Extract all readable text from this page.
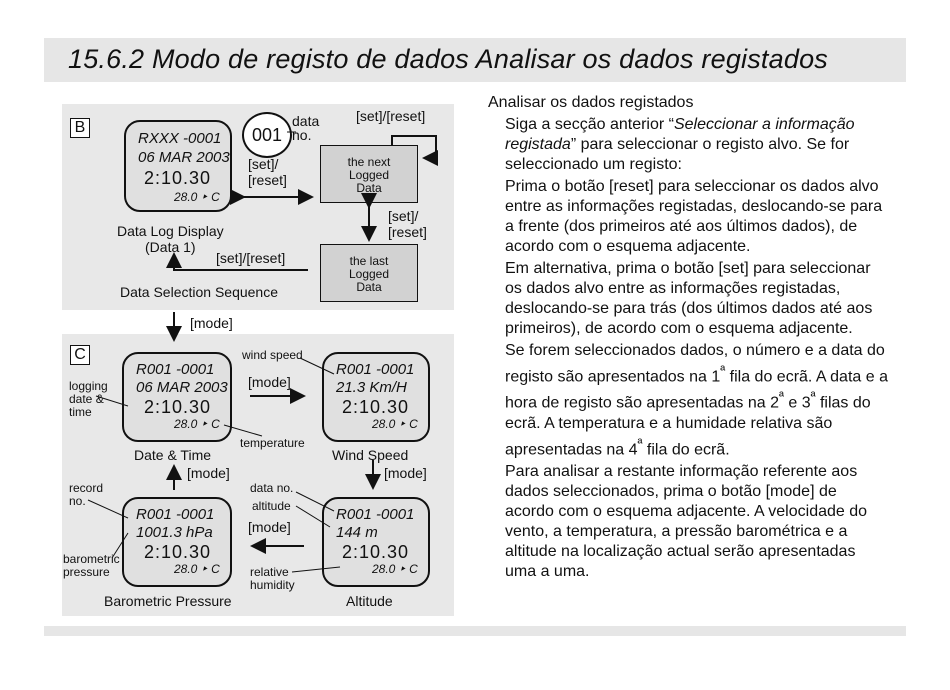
15.6.2 Modo de registo de dados Analisar os dados registados
B
RXXX -0001
06 MAR 2003
2:10.30
28.0 ‣ C
001
data
no.
[set]/[reset]
[set]/
[reset]
the next
Logged
Data
[set]/
[reset]
the last
Logged
Data
Data Log Display
(Data 1)
[set]/[reset]
Data Selection Sequence
[mode]
C
logging
date &
time
record
no.
barometric
pressure
wind speed
temperature
data no.
altitude
relative
humidity
R001 -0001
06 MAR 2003
2:10.30
28.0 ‣ C
Date & Time
R001 -0001
21.3 Km/H
2:10.30
28.0 ‣ C
Wind Speed
R001 -0001
1001.3 hPa
2:10.30
28.0 ‣ C
Barometric Pressure
R001 -0001
144 m
2:10.30
28.0 ‣ C
Altitude
[mode]
[mode]
[mode]
[mode]
Analisar os dados registados

Siga a secção anterior “Seleccionar a informação registada” para seleccionar o registo alvo. Se for seleccionado um registo:

Prima o botão [reset] para seleccionar os dados alvo entre as informações registadas, deslocando-se para a frente (dos primeiros até aos últimos dados), de acordo com o esquema adjacente.

Em alternativa, prima o botão [set] para seleccionar os dados alvo entre as informações registadas, deslocando-se para trás (dos últimos dados até aos primeiros), de acordo com o esquema adjacente.

Se forem seleccionados dados, o número e a data do registo são apresentados na $1^ª$ fila do ecrã. A data e a hora de registo são apresentadas na $2^ª$ e $3^ª$ filas do ecrã. A temperatura e a humidade relativa são apresentadas na $4^ª$ fila do ecrã.

Para analisar a restante informação referente aos dados seleccionados, prima o botão [mode] de acordo com o esquema adjacente. A velocidade do vento, a temperatura, a pressão barométrica e a altitude na localização actual serão apresentadas uma a uma.
